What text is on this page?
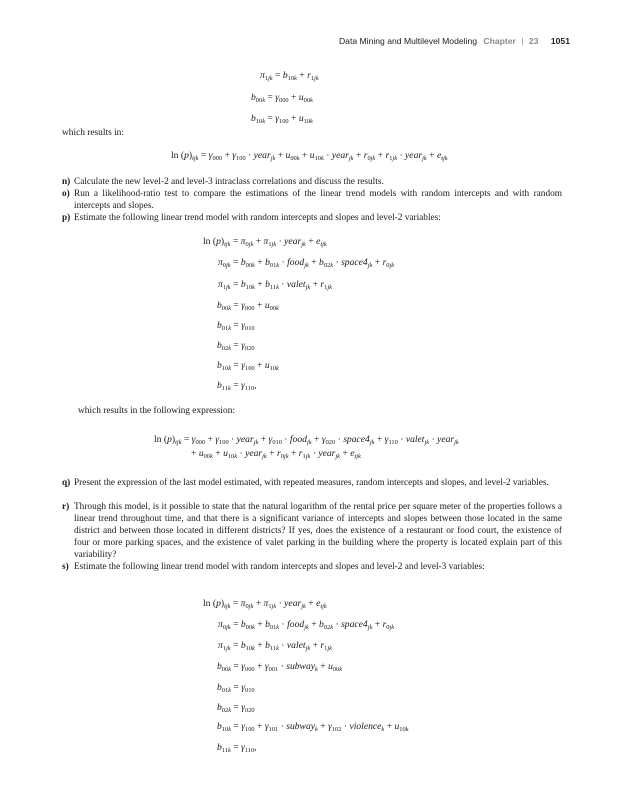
Data Mining and Multilevel Modeling Chapter | 23 1051
$\pi_{1jk} = b_{10k} + r_{1jk}$
$b_{00k} = \gamma_{000} + u_{00k}$
$b_{10k} = \gamma_{100} + u_{10k}$
which results in:
$\ln (p)_{tjk} = \gamma_{000} + \gamma_{100}$ · year$_{jk}$ + $u_{00k} + u_{10k}$ · year$_{jk}$ + $r_{0jk} + r_{1jk}$ · year$_{jk}$ + $e_{tjk}$
n) Calculate the new level-2 and level-3 intraclass correlations and discuss the results.
o) Run a likelihood-ratio test to compare the estimations of the linear trend models with random intercepts and with random intercepts and slopes.
p) Estimate the following linear trend model with random intercepts and slopes and level-2 variables:
$\ln (p)_{tjk} = \pi_{0jk} + \pi_{1jk}$ · year$_{jk}$ + $e_{tjk}$
$\pi_{0jk} = b_{00k} + b_{01k}$ · food$_{jk}$ + $b_{02k}$ · $space4_{jk} + r_{0jk}$
$\pi_{1jk} = b_{10k} + b_{11k}$ · valet$_{jk}$ + $r_{1jk}$
$b_{00k} = \gamma_{000} + u_{00k}$
$b_{01k} = \gamma_{010}$
$b_{02k} = \gamma_{020}$
$b_{10k} = \gamma_{100} + u_{10k}$
$b_{11k} = \gamma_{110}$,
which results in the following expression:
$\ln (p)_{tjk} = \gamma_{000} + \gamma_{100}$ · year$_{jk}$ + $\gamma_{010}$ · food$_{jk}$ + $\gamma_{020}$ · $space4_{jk} + \gamma_{110}$ · valet$_{jk}$ · year$_{jk}$
+ $u_{00k} + u_{10k}$ · year$_{jk}$ + $r_{0jk} + r_{1jk}$ · year$_{jk}$ + $e_{tjk}$
q) Present the expression of the last model estimated, with repeated measures, random intercepts and slopes, and level-2 variables.
r) Through this model, is it possible to state that the natural logarithm of the rental price per square meter of the properties follows a linear trend throughout time, and that there is a significant variance of intercepts and slopes between those located in the same district and between those located in different districts? If yes, does the existence of a restaurant or food court, the existence of four or more parking spaces, and the existence of valet parking in the building where the property is located explain part of this variability?
s) Estimate the following linear trend model with random intercepts and slopes and level-2 and level-3 variables:
$\ln (p)_{tjk} = \pi_{0jk} + \pi_{1jk}$ · year$_{jk}$ + $e_{tjk}$
$\pi_{0jk} = b_{00k} + b_{01k}$ · food$_{jk}$ + $b_{02k}$ · $space4_{jk} + r_{0jk}$
$\pi_{1jk} = b_{10k} + b_{11k}$ · valet$_{jk}$ + $r_{1jk}$
$b_{00k} = \gamma_{000} + \gamma_{001}$ · subway$_k$ + $u_{00k}$
$b_{01k} = \gamma_{010}$
$b_{02k} = \gamma_{020}$
$b_{10k} = \gamma_{100} + \gamma_{101}$ · subway$_k$ + $\gamma_{102}$ · violence$_k$ + $u_{10k}$
$b_{11k} = \gamma_{110}$,
